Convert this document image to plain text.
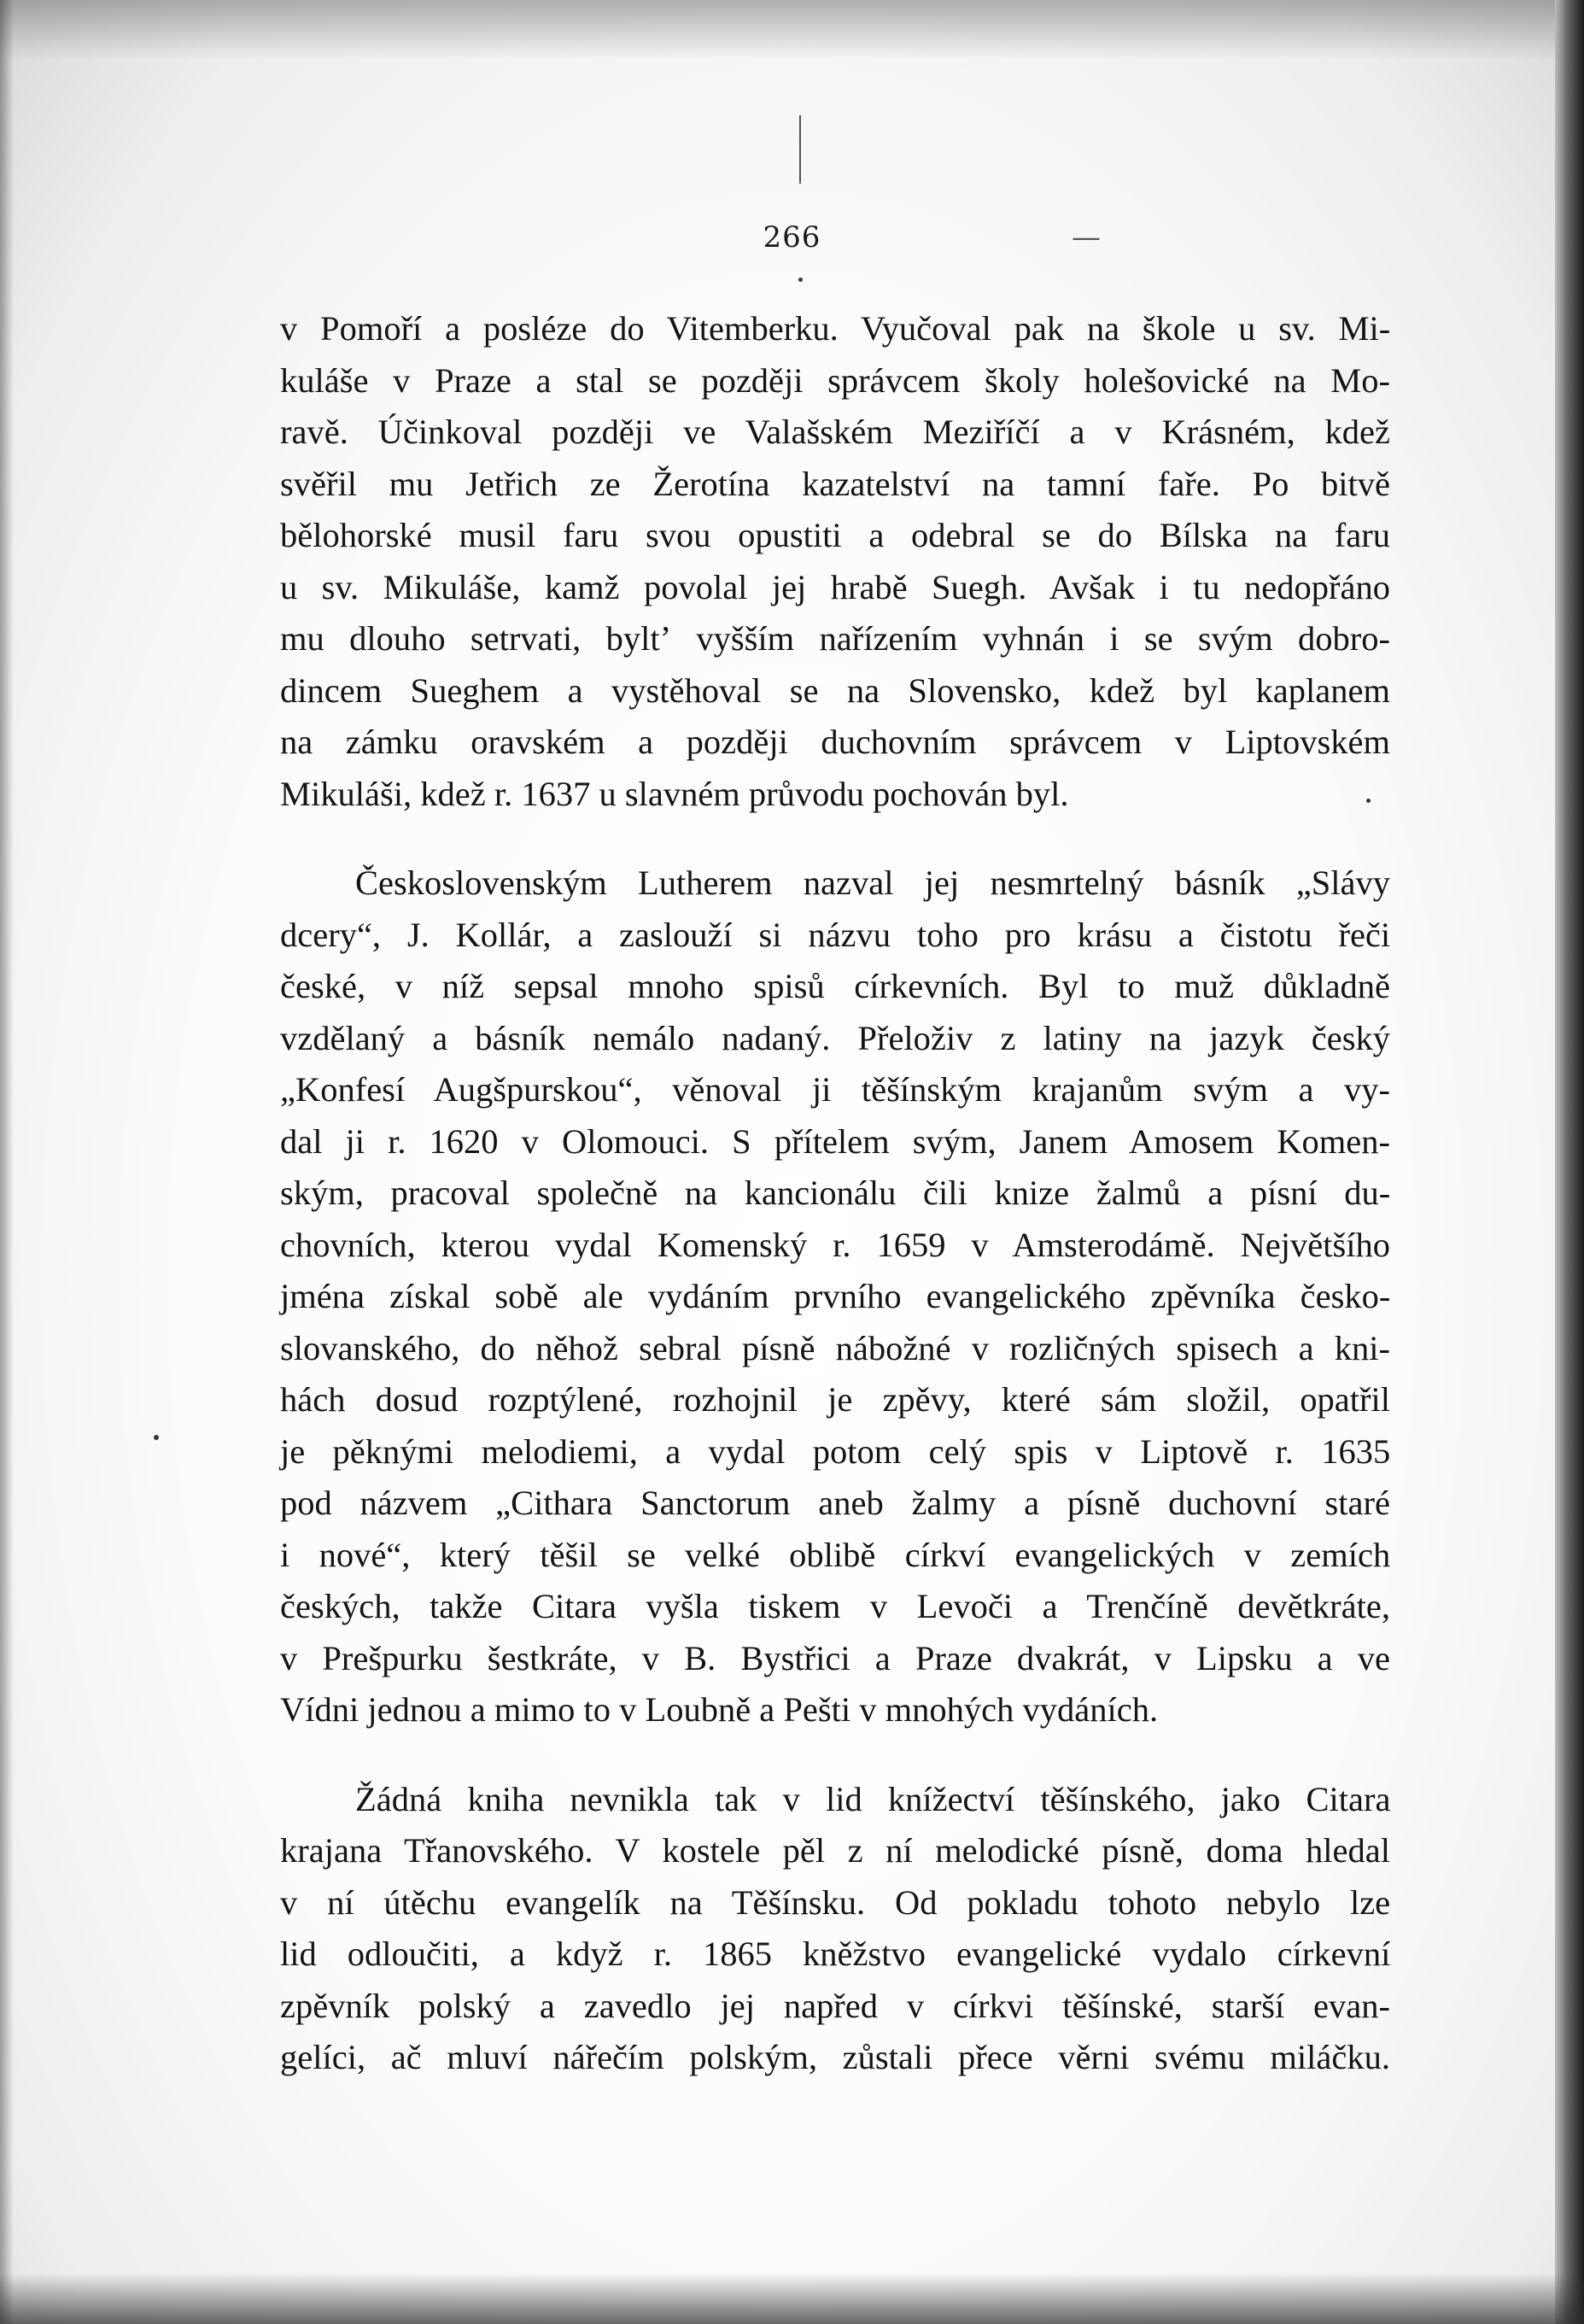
266	—
v Pomoří a posléze do Vitemberku. Vyučoval pak na škole u sv. Mi-
kuláše v Praze a stal se později správcem školy holešovické na Mo-
ravě. Účinkoval později ve Valašském Meziříčí a v Krásném, kdež
svěřil mu Jetřich ze Žerotína kazatelství na tamní faře. Po bitvě
bělohorské musil faru svou opustiti a odebral se do Bílska na faru
u sv. Mikuláše, kamž povolal jej hrabě Suegh. Avšak i tu nedopřáno
mu dlouho setrvati, byltʼ vyšším nařízením vyhnán i se svým dobro-
dincem Sueghem a vystěhoval se na Slovensko, kdež byl kaplanem
na zámku oravském a později duchovním správcem v Liptovském
Mikuláši, kdež r. 1637 u slavném průvodu pochován byl.
Československým Lutherem nazval jej nesmrtelný básník „Slávy
dcery“, J. Kollár, a zaslouží si názvu toho pro krásu a čistotu řeči
české, v níž sepsal mnoho spisů církevních. Byl to muž důkladně
vzdělaný a básník nemálo nadaný. Přeloživ z latiny na jazyk český
„Konfesí Augšpurskou“, věnoval ji těšínským krajanům svým a vy-
dal ji r. 1620 v Olomouci. S přítelem svým, Janem Amosem Komen-
ským, pracoval společně na kancionálu čili knize žalmů a písní du-
chovních, kterou vydal Komenský r. 1659 v Amsterodámě. Největšího
jména získal sobě ale vydáním prvního evangelického zpěvníka česko-
slovanského, do něhož sebral písně nábožné v rozličných spisech a kni-
hách dosud rozptýlené, rozhojnil je zpěvy, které sám složil, opatřil
je pěknými melodiemi, a vydal potom celý spis v Liptově r. 1635
pod názvem „Cithara Sanctorum aneb žalmy a písně duchovní staré
i nové“, který těšil se velké oblibě církví evangelických v zemích
českých, takže Citara vyšla tiskem v Levoči a Trenčíně devětkráte,
v Prešpurku šestkráte, v B. Bystřici a Praze dvakrát, v Lipsku a ve
Vídni jednou a mimo to v Loubně a Pešti v mnohých vydáních.
Žádná kniha nevnikla tak v lid knížectví těšínského, jako Citara
krajana Třanovského. V kostele pěl z ní melodické písně, doma hledal
v ní útěchu evangelík na Těšínsku. Od pokladu tohoto nebylo lze
lid odloučiti, a když r. 1865 kněžstvo evangelické vydalo církevní
zpěvník polský a zavedlo jej napřed v církvi těšínské, starší evan-
gelíci, ač mluví nářečím polským, zůstali přece věrni svému miláčku.
